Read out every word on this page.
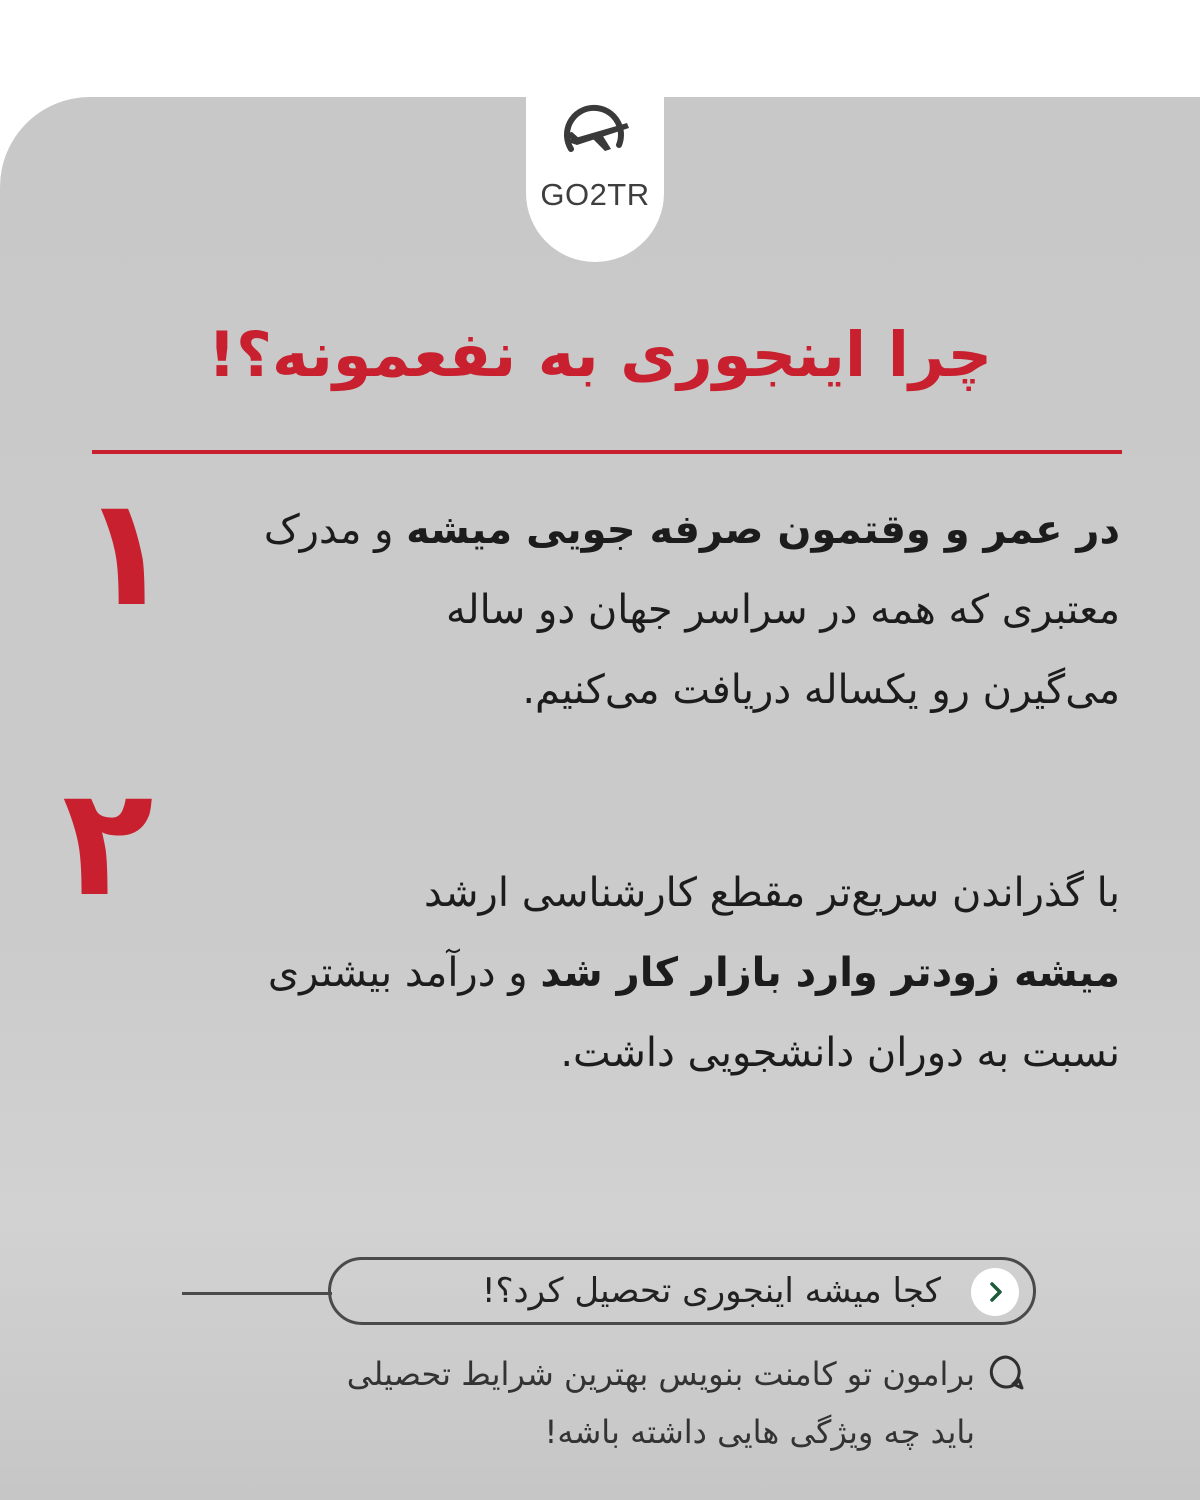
GO2TR
چرا اینجوری به نفعمونه؟!
۱	در عمر و وقتمون صرفه جویی میشه و مدرک
معتبری که همه در سراسر جهان دو ساله
می‌گیرن رو یکساله دریافت می‌کنیم.
۲	با گذراندن سریع‌تر مقطع کارشناسی ارشد
میشه زودتر وارد بازار کار شد و درآمد بیشتری
نسبت به دوران دانشجویی داشت.
کجا میشه اینجوری تحصیل کرد؟!
برامون تو کامنت بنویس بهترین شرایط تحصیلی
باید چه ویژگی هایی داشته باشه!
